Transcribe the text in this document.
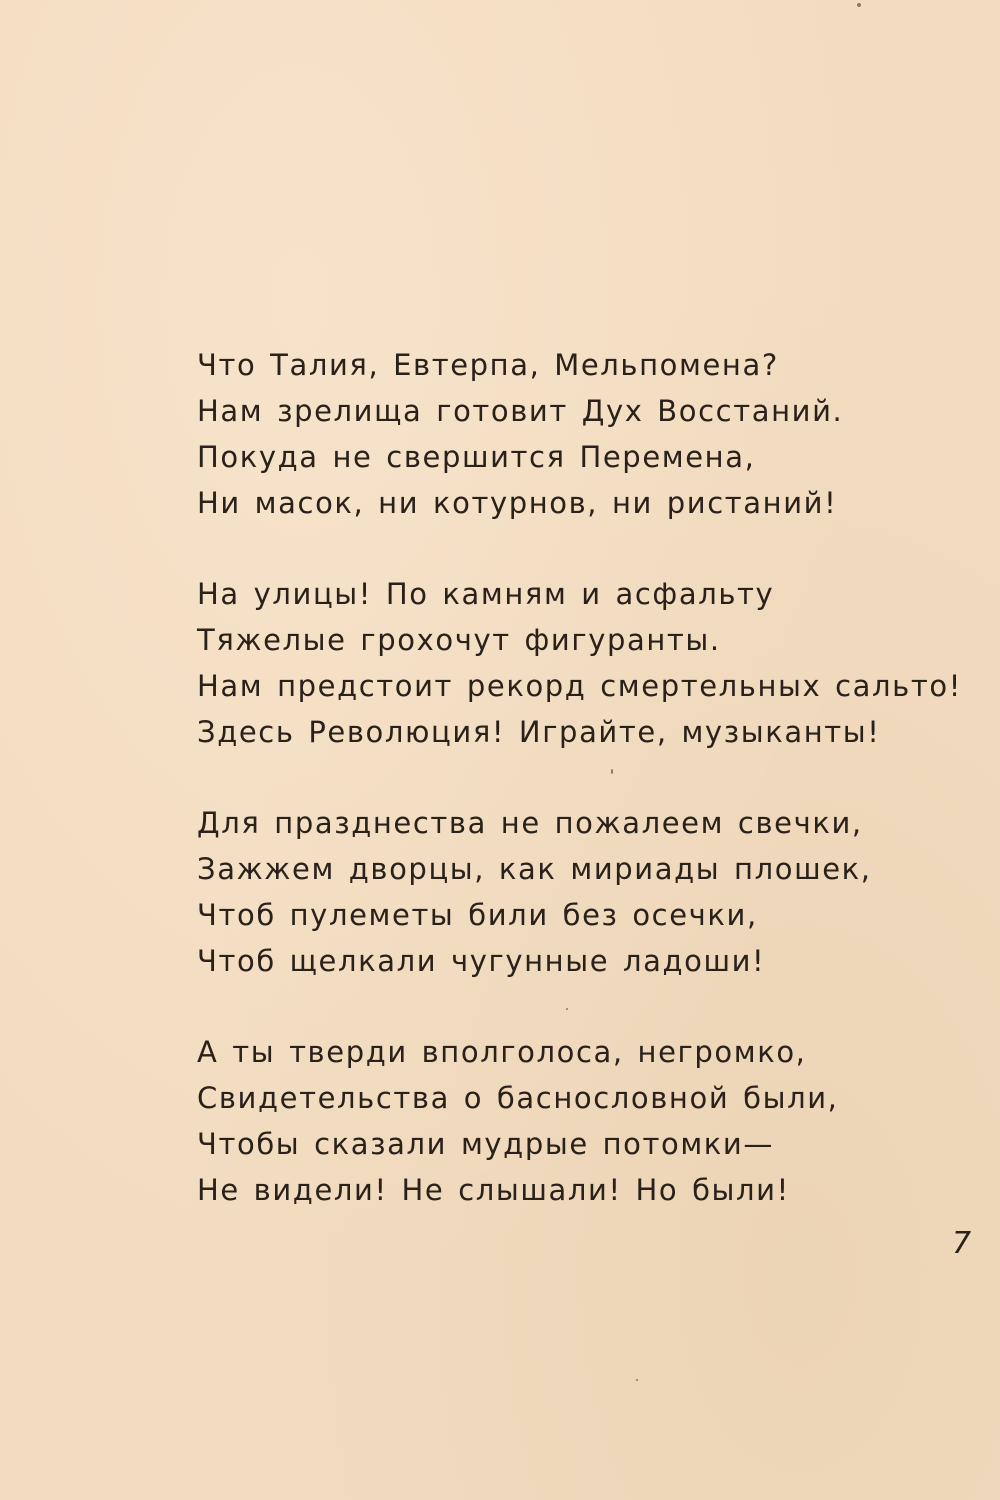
Что Талия, Евтерпа, Мельпомена?
Нам зрелища готовит Дух Восстаний.
Покуда не свершится Перемена,
Ни масок, ни котурнов, ни ристаний!
На улицы! По камням и асфальту
Тяжелые грохочут фигуранты.
Нам предстоит рекорд смертельных сальто!
Здесь Революция! Играйте, музыканты!
Для празднества не пожалеем свечки,
Зажжем дворцы, как мириады плошек,
Чтоб пулеметы били без осечки,
Чтоб щелкали чугунные ладоши!
А ты тверди вполголоса, негромко,
Свидетельства о баснословной были,
Чтобы сказали мудрые потомки—
Не видели! Не слышали! Но были!
7
